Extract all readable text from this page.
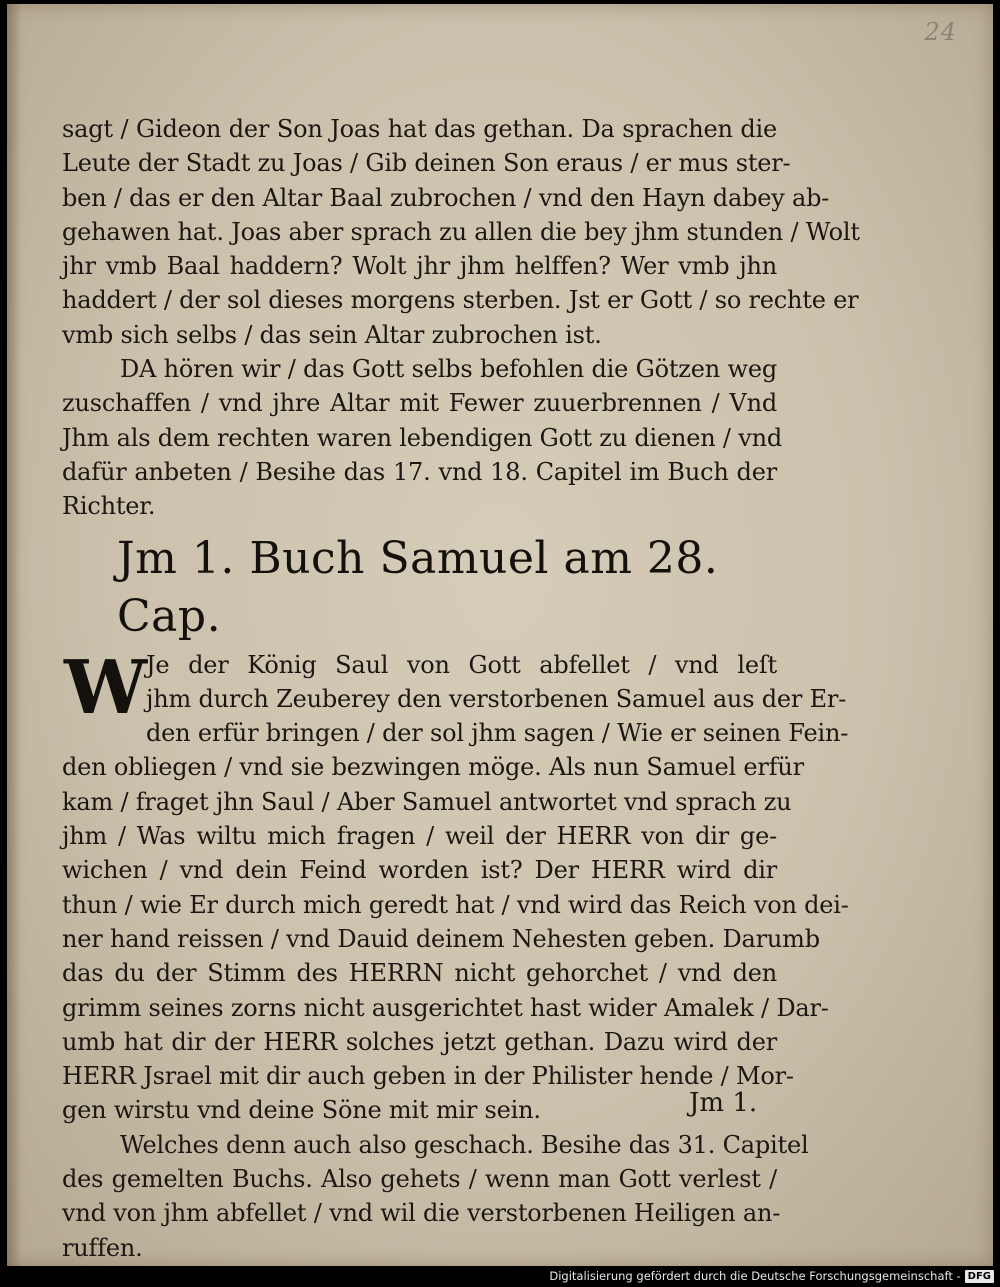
24
sagt / Gideon der Son Joas hat das gethan. Da sprachen die
Leute der Stadt zu Joas / Gib deinen Son eraus / er mus ster-
ben / das er den Altar Baal zubrochen / vnd den Hayn dabey ab-
gehawen hat. Joas aber sprach zu allen die bey jhm stunden / Wolt
jhr vmb Baal haddern? Wolt jhr jhm helffen? Wer vmb jhn
haddert / der sol dieses morgens sterben. Jst er Gott / so rechte er
vmb sich selbs / das sein Altar zubrochen ist.
DA hören wir / das Gott selbs befohlen die Götzen weg
zuschaffen / vnd jhre Altar mit Fewer zuuerbrennen / Vnd
Jhm als dem rechten waren lebendigen Gott zu dienen / vnd
dafür anbeten / Besihe das 17. vnd 18. Capitel im Buch der
Richter.
Jm 1. Buch Samuel am 28. Cap.
W
Je der König Saul von Gott abfellet / vnd leſt
jhm durch Zeuberey den verstorbenen Samuel aus der Er-
den erfür bringen / der sol jhm sagen / Wie er seinen Fein-
den obliegen / vnd sie bezwingen möge. Als nun Samuel erfür
kam / fraget jhn Saul / Aber Samuel antwortet vnd sprach zu
jhm / Was wiltu mich fragen / weil der HERR von dir ge-
wichen / vnd dein Feind worden ist? Der HERR wird dir
thun / wie Er durch mich geredt hat / vnd wird das Reich von dei-
ner hand reissen / vnd Dauid deinem Nehesten geben. Darumb
das du der Stimm des HERRN nicht gehorchet / vnd den
grimm seines zorns nicht ausgerichtet hast wider Amalek / Dar-
umb hat dir der HERR solches jetzt gethan. Dazu wird der
HERR Jsrael mit dir auch geben in der Philister hende / Mor-
gen wirstu vnd deine Söne mit mir sein.
Welches denn auch also geschach. Besihe das 31. Capitel
des gemelten Buchs. Also gehets / wenn man Gott verlest /
vnd von jhm abfellet / vnd wil die verstorbenen Heiligen an-
ruffen.
Jm 1.
Digitalisierung gefördert durch die Deutsche Forschungsgemeinschaft - DFG
